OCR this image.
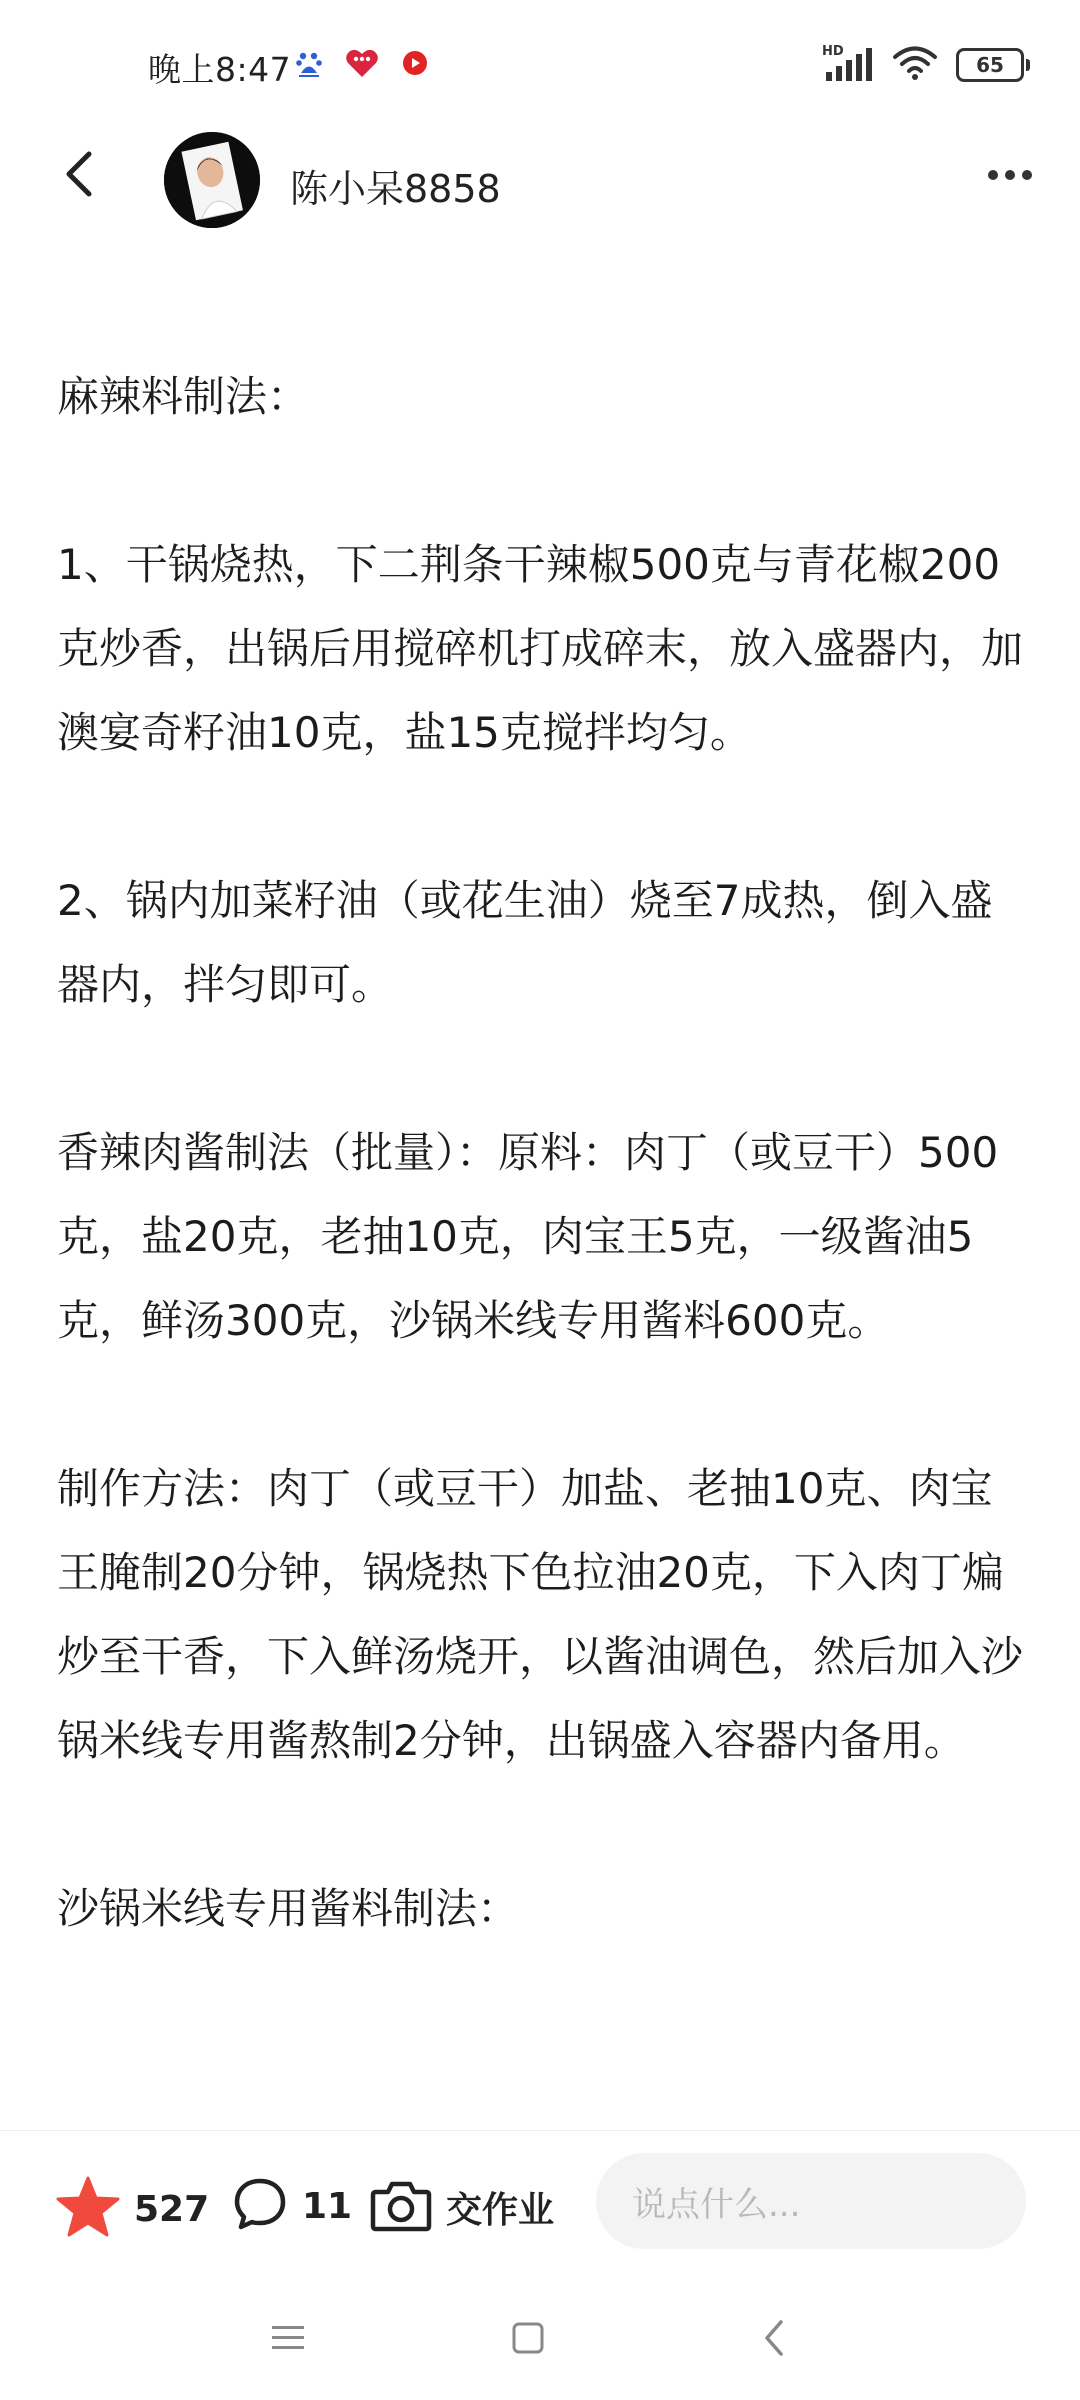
晚上8:47	HD
65
陈小呆8858

麻辣料制法：

1、干锅烧热，下二荆条干辣椒500克与青花椒200克炒香，出锅后用搅碎机打成碎末，放入盛器内，加澳宴奇籽油10克，盐15克搅拌均匀。

2、锅内加菜籽油（或花生油）烧至7成热，倒入盛器内，拌匀即可。

香辣肉酱制法（批量）：原料：肉丁（或豆干）500克，盐20克，老抽10克，肉宝王5克，一级酱油5克，鲜汤300克，沙锅米线专用酱料600克。

制作方法：肉丁（或豆干）加盐、老抽10克、肉宝王腌制20分钟，锅烧热下色拉油20克，下入肉丁煸炒至干香，下入鲜汤烧开，以酱油调色，然后加入沙锅米线专用酱熬制2分钟，出锅盛入容器内备用。

沙锅米线专用酱料制法：

527	11	交作业	说点什么...
